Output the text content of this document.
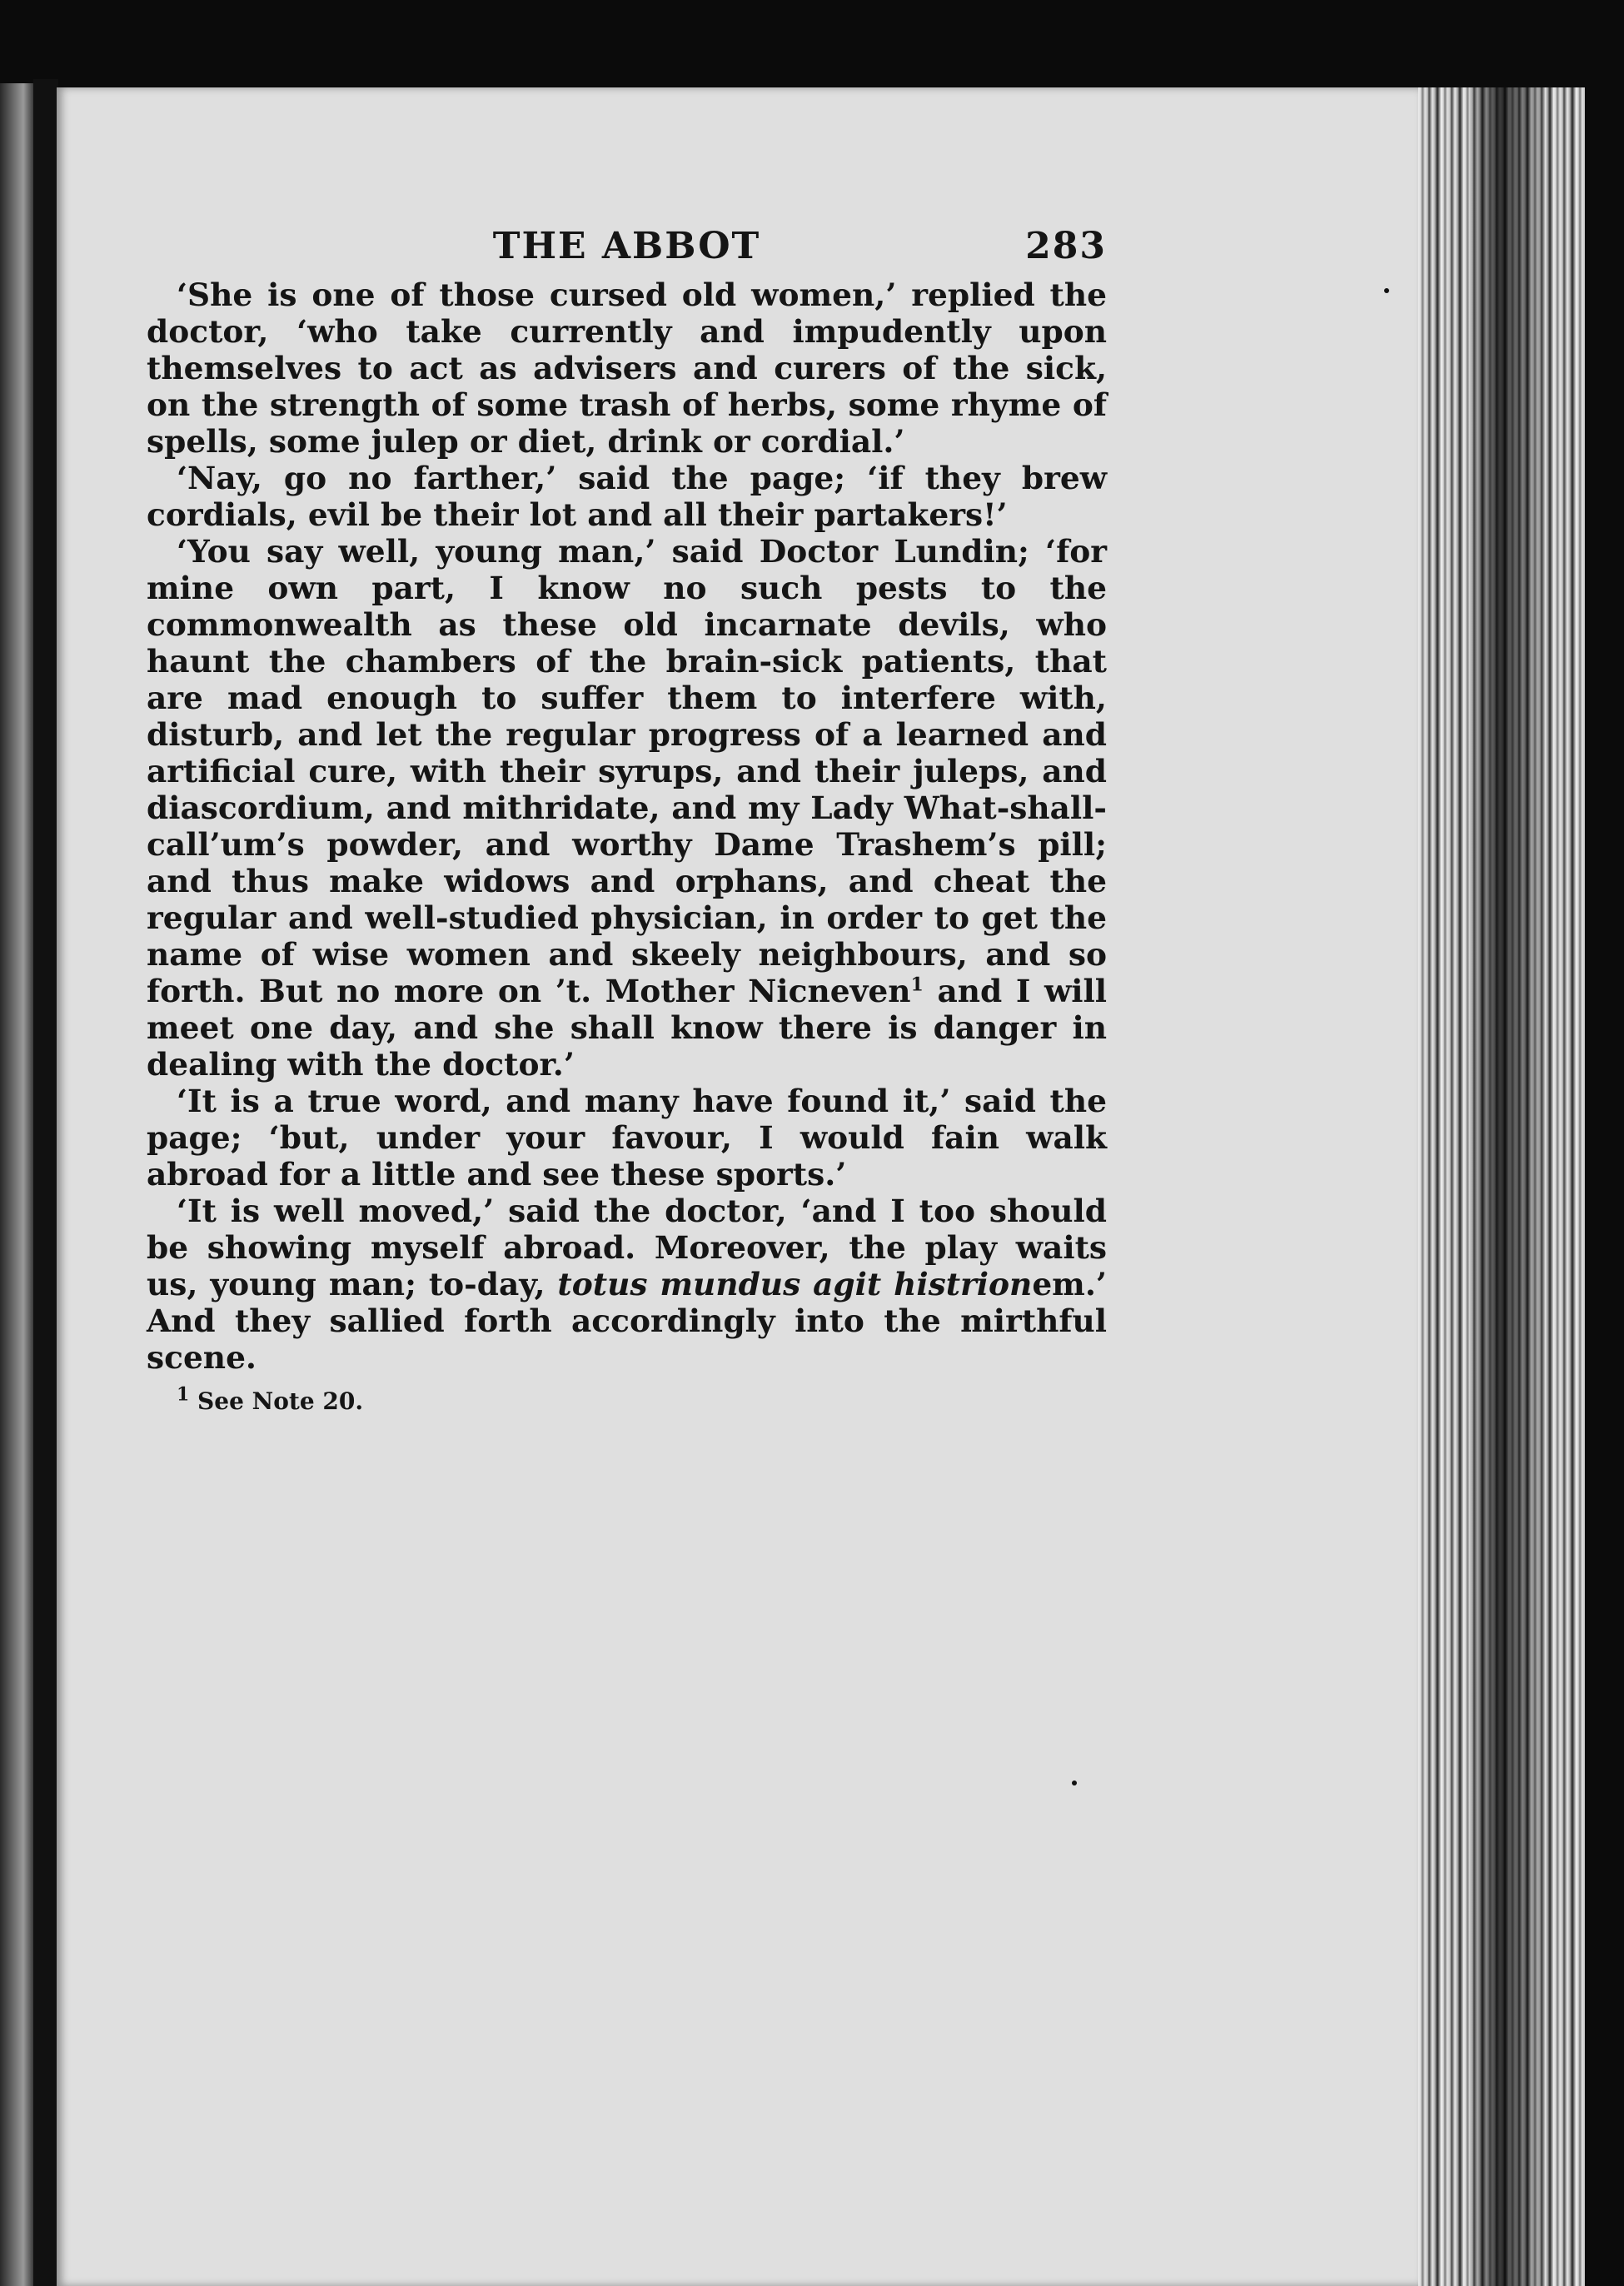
THE ABBOT	283

‘She is one of those cursed old women,’ replied the doctor, ‘who take currently and impudently upon themselves to act as advisers and curers of the sick, on the strength of some trash of herbs, some rhyme of spells, some julep or diet, drink or cordial.’

‘Nay, go no farther,’ said the page; ‘if they brew cordials, evil be their lot and all their partakers!’

‘You say well, young man,’ said Doctor Lundin; ‘for mine own part, I know no such pests to the commonwealth as these old incarnate devils, who haunt the chambers of the brain-sick patients, that are mad enough to suffer them to interfere with, disturb, and let the regular progress of a learned and artificial cure, with their syrups, and their juleps, and diascordium, and mithridate, and my Lady What-shall-call’um’s powder, and worthy Dame Trashem’s pill; and thus make widows and orphans, and cheat the regular and well-studied physician, in order to get the name of wise women and skeely neighbours, and so forth. But no more on ’t. Mother Nicneven$^1$ and I will meet one day, and she shall know there is danger in dealing with the doctor.’

‘It is a true word, and many have found it,’ said the page; ‘but, under your favour, I would fain walk abroad for a little and see these sports.’

‘It is well moved,’ said the doctor, ‘and I too should be showing myself abroad. Moreover, the play waits us, young man; to-day, totus mundus agit histrionem.’ And they sallied forth accordingly into the mirthful scene.

$^1$ See Note 20.
